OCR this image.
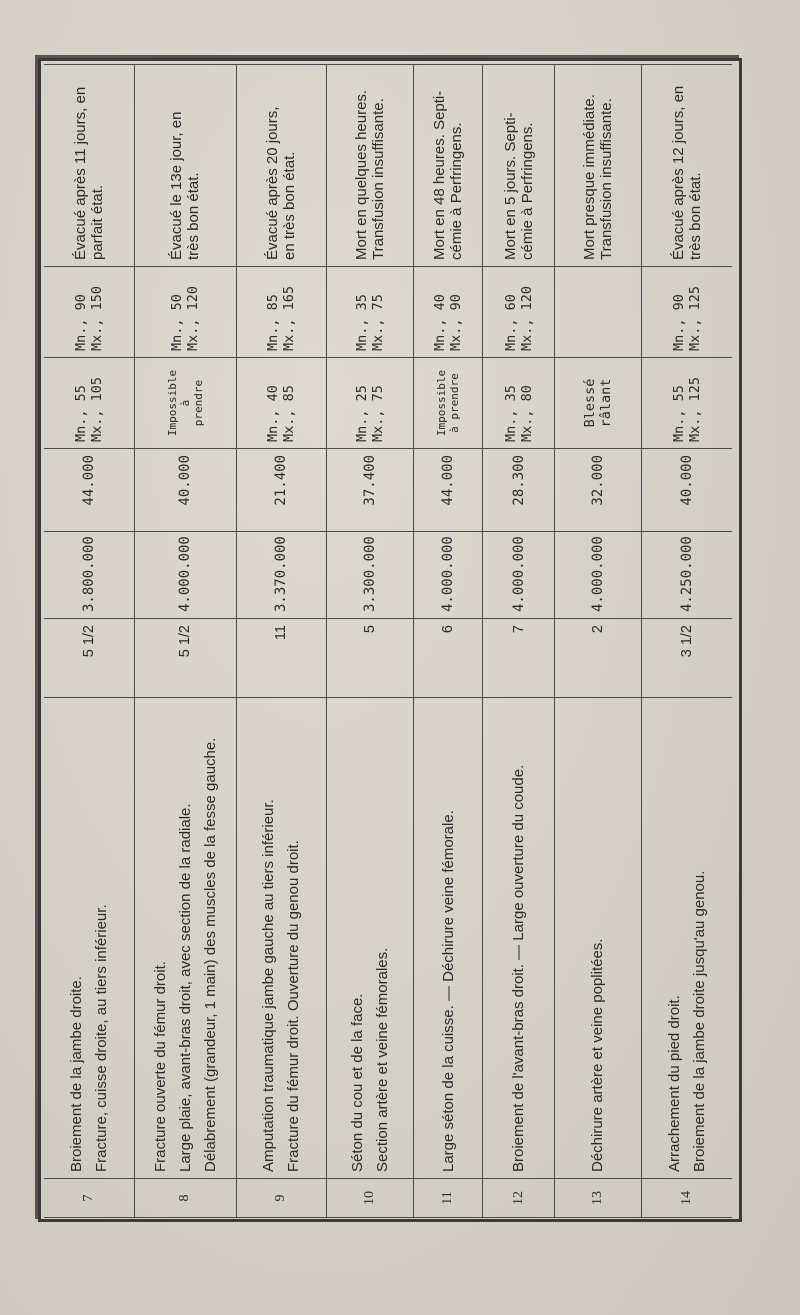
7	Broiement de la jambe droite. Fracture, cuisse droite, au tiers inférieur.	5 1/2	3.800.000	44.000	Mn., 55 Mx., 105	Mn., 90 Mx., 150	Évacué après 11 jours, en parfait état.

8	Fracture ouverte du fémur droit. Large plaie, avant-bras droit, avec section de la radiale. Délabrement (grandeur, 1 main) des muscles de la fesse gauche.	5 1/2	4.000.000	40.000	Impossible à prendre	Mn., 50 Mx., 120	Évacué le 13e jour, en très bon état.

9	Amputation traumatique jambe gauche au tiers inférieur. Fracture du fémur droit. Ouverture du genou droit.	11	3.370.000	21.400	Mn., 40 Mx., 85	Mn., 85 Mx., 165	Évacué après 20 jours, en très bon état.

10	Séton du cou et de la face. Section artère et veine fémorales.	5	3.300.000	37.400	Mn., 25 Mx., 75	Mn., 35 Mx., 75	Mort en quelques heures. Transfusion insuffisante.

11	Large séton de la cuisse. — Déchirure veine fémorale.	6	4.000.000	44.000	Impossible à prendre	Mn., 40 Mx., 90	Mort en 48 heures. Septi- cémie à Perfringens.

12	Broiement de l'avant-bras droit. — Large ouverture du coude.	7	4.000.000	28.300	Mn., 35 Mx., 80	Mn., 60 Mx., 120	Mort en 5 jours. Septi- cémie à Perfringens.

13	Déchirure artère et veine poplitées.	2	4.000.000	32.000	Blessé râlant		Mort presque immédiate. Transfusion insuffisante.

14	Arrachement du pied droit. Broiement de la jambe droite jusqu'au genou.	3 1/2	4.250.000	40.000	Mn., 55 Mx., 125	Mn., 90 Mx., 125	Évacué après 12 jours, en très bon état.
